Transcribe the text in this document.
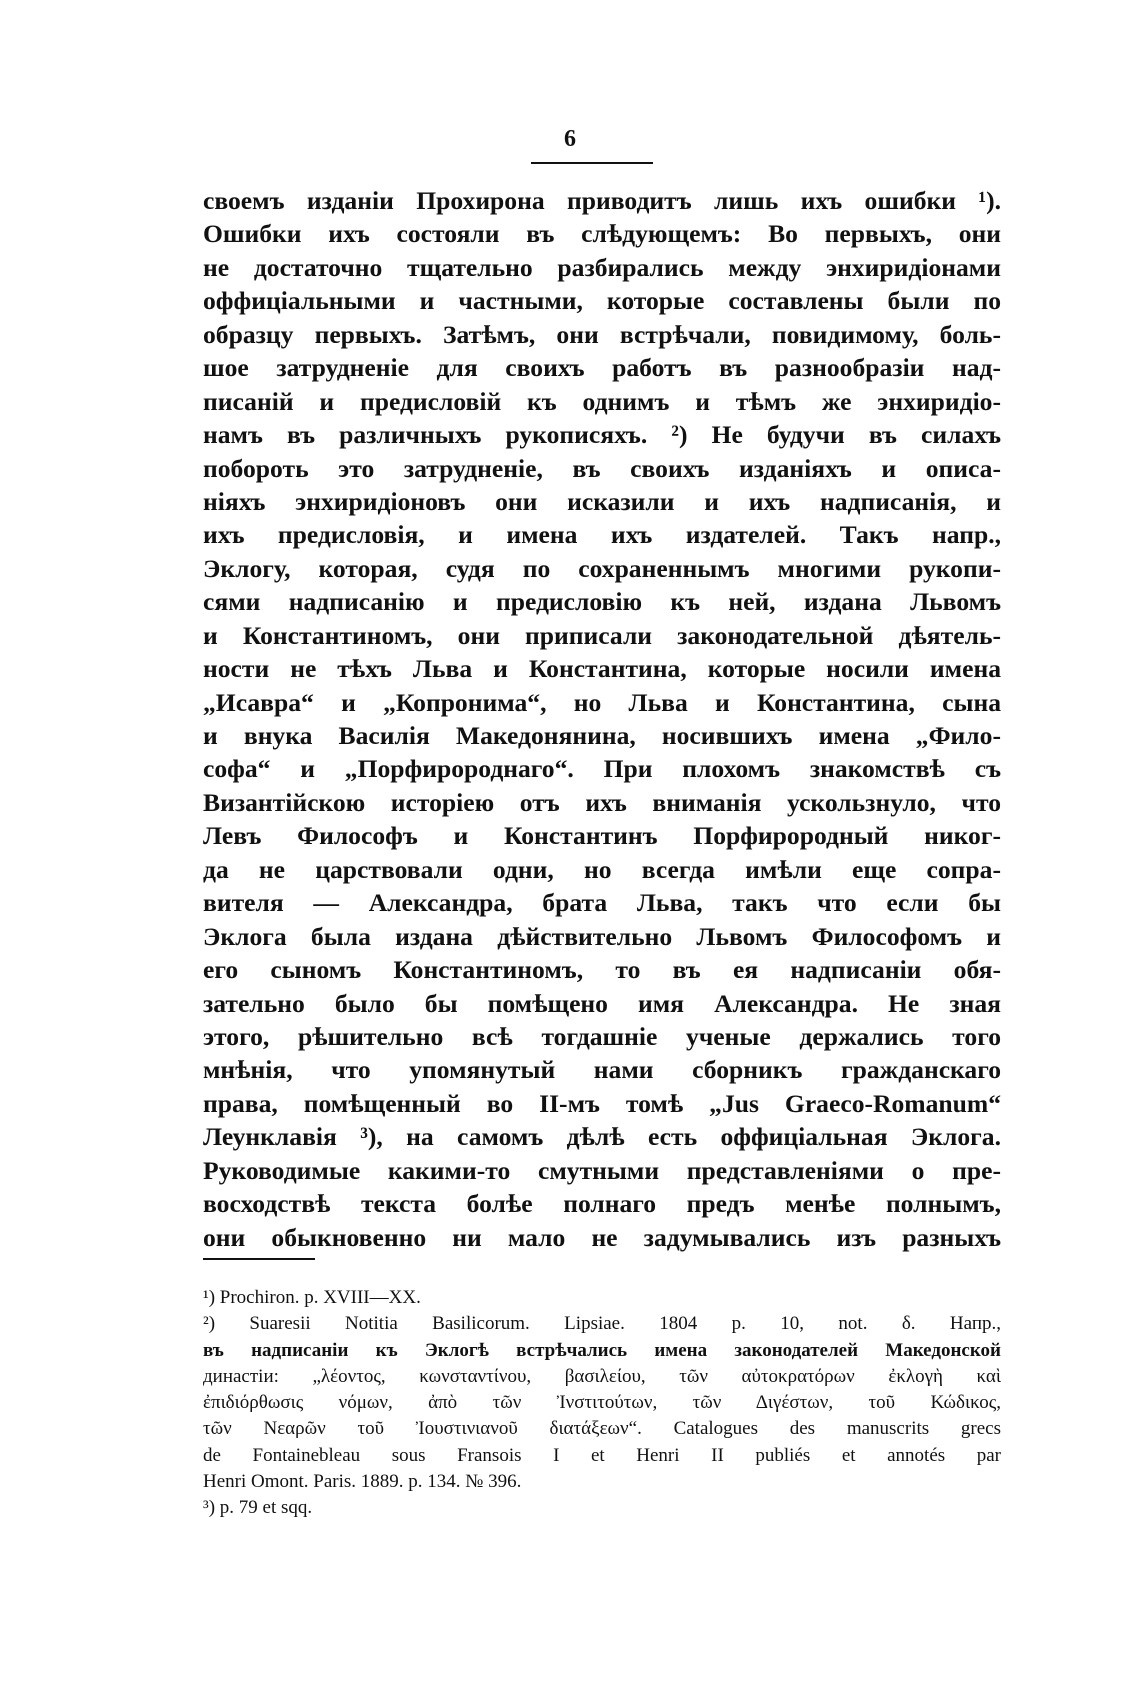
6
своемъ изданіи Прохирона приводитъ лишь ихъ ошибки ¹).
Ошибки ихъ состояли въ слѣдующемъ: Во первыхъ, они
не достаточно тщательно разбирались между энхиридіонами
оффиціальными и частными, которые составлены были по
образцу первыхъ. Затѣмъ, они встрѣчали, повидимому, боль-
шое затрудненіе для своихъ работъ въ разнообразіи над-
писаній и предисловій къ однимъ и тѣмъ же энхиридіо-
намъ въ различныхъ рукописяхъ. ²) Не будучи въ силахъ
побороть это затрудненіе, въ своихъ изданіяхъ и описа-
ніяхъ энхиридіоновъ они исказили и ихъ надписанія, и
ихъ предисловія, и имена ихъ издателей. Такъ напр.,
Эклогу, которая, судя по сохраненнымъ многими рукопи-
сями надписанію и предисловію къ ней, издана Львомъ
и Константиномъ, они приписали законодательной дѣятель-
ности не тѣхъ Льва и Константина, которые носили имена
„Исавра“ и „Копронима“, но Льва и Константина, сына
и внука Василія Македонянина, носившихъ имена „Фило-
софа“ и „Порфиророднаго“. При плохомъ знакомствѣ съ
Византійскою исторіею отъ ихъ вниманія ускользнуло, что
Левъ Философъ и Константинъ Порфирородный никог-
да не царствовали одни, но всегда имѣли еще сопра-
вителя — Александра, брата Льва, такъ что если бы
Эклога была издана дѣйствительно Львомъ Философомъ и
его сыномъ Константиномъ, то въ ея надписаніи обя-
зательно было бы помѣщено имя Александра. Не зная
этого, рѣшительно всѣ тогдашніе ученые держались того
мнѣнія, что упомянутый нами сборникъ гражданскаго
права, помѣщенный во II-мъ томѣ „Jus Graeco-Romanum“
Леунклавія ³), на самомъ дѣлѣ есть оффиціальная Эклога.
Руководимые какими-то смутными представленіями о пре-
восходствѣ текста болѣе полнаго предъ менѣе полнымъ,
они обыкновенно ни мало не задумывались изъ разныхъ
¹) Prochiron. p. XVIII—XX.
²) Suaresii Notitia Basilicorum. Lipsiae. 1804 p. 10, not. δ. Напр.,
въ надписаніи къ Эклогѣ встрѣчались имена законодателей Македонской
династіи: „λέοντος, κωνσταντίνου, βασιλείου, τῶν αὐτοκρατόρων ἐκλογὴ καὶ
ἐπιδιόρθωσις νόμων, ἀπὸ τῶν Ἰνστιτούτων, τῶν Διγέστων, τοῦ Κώδικος,
τῶν Νεαρῶν τοῦ Ἰουστινιανοῦ διατάξεων“. Catalogues des manuscrits grecs
de Fontainebleau sous Fransois I et Henri II publiés et annotés par
Henri Omont. Paris. 1889. p. 134. № 396.
³) p. 79 et sqq.
